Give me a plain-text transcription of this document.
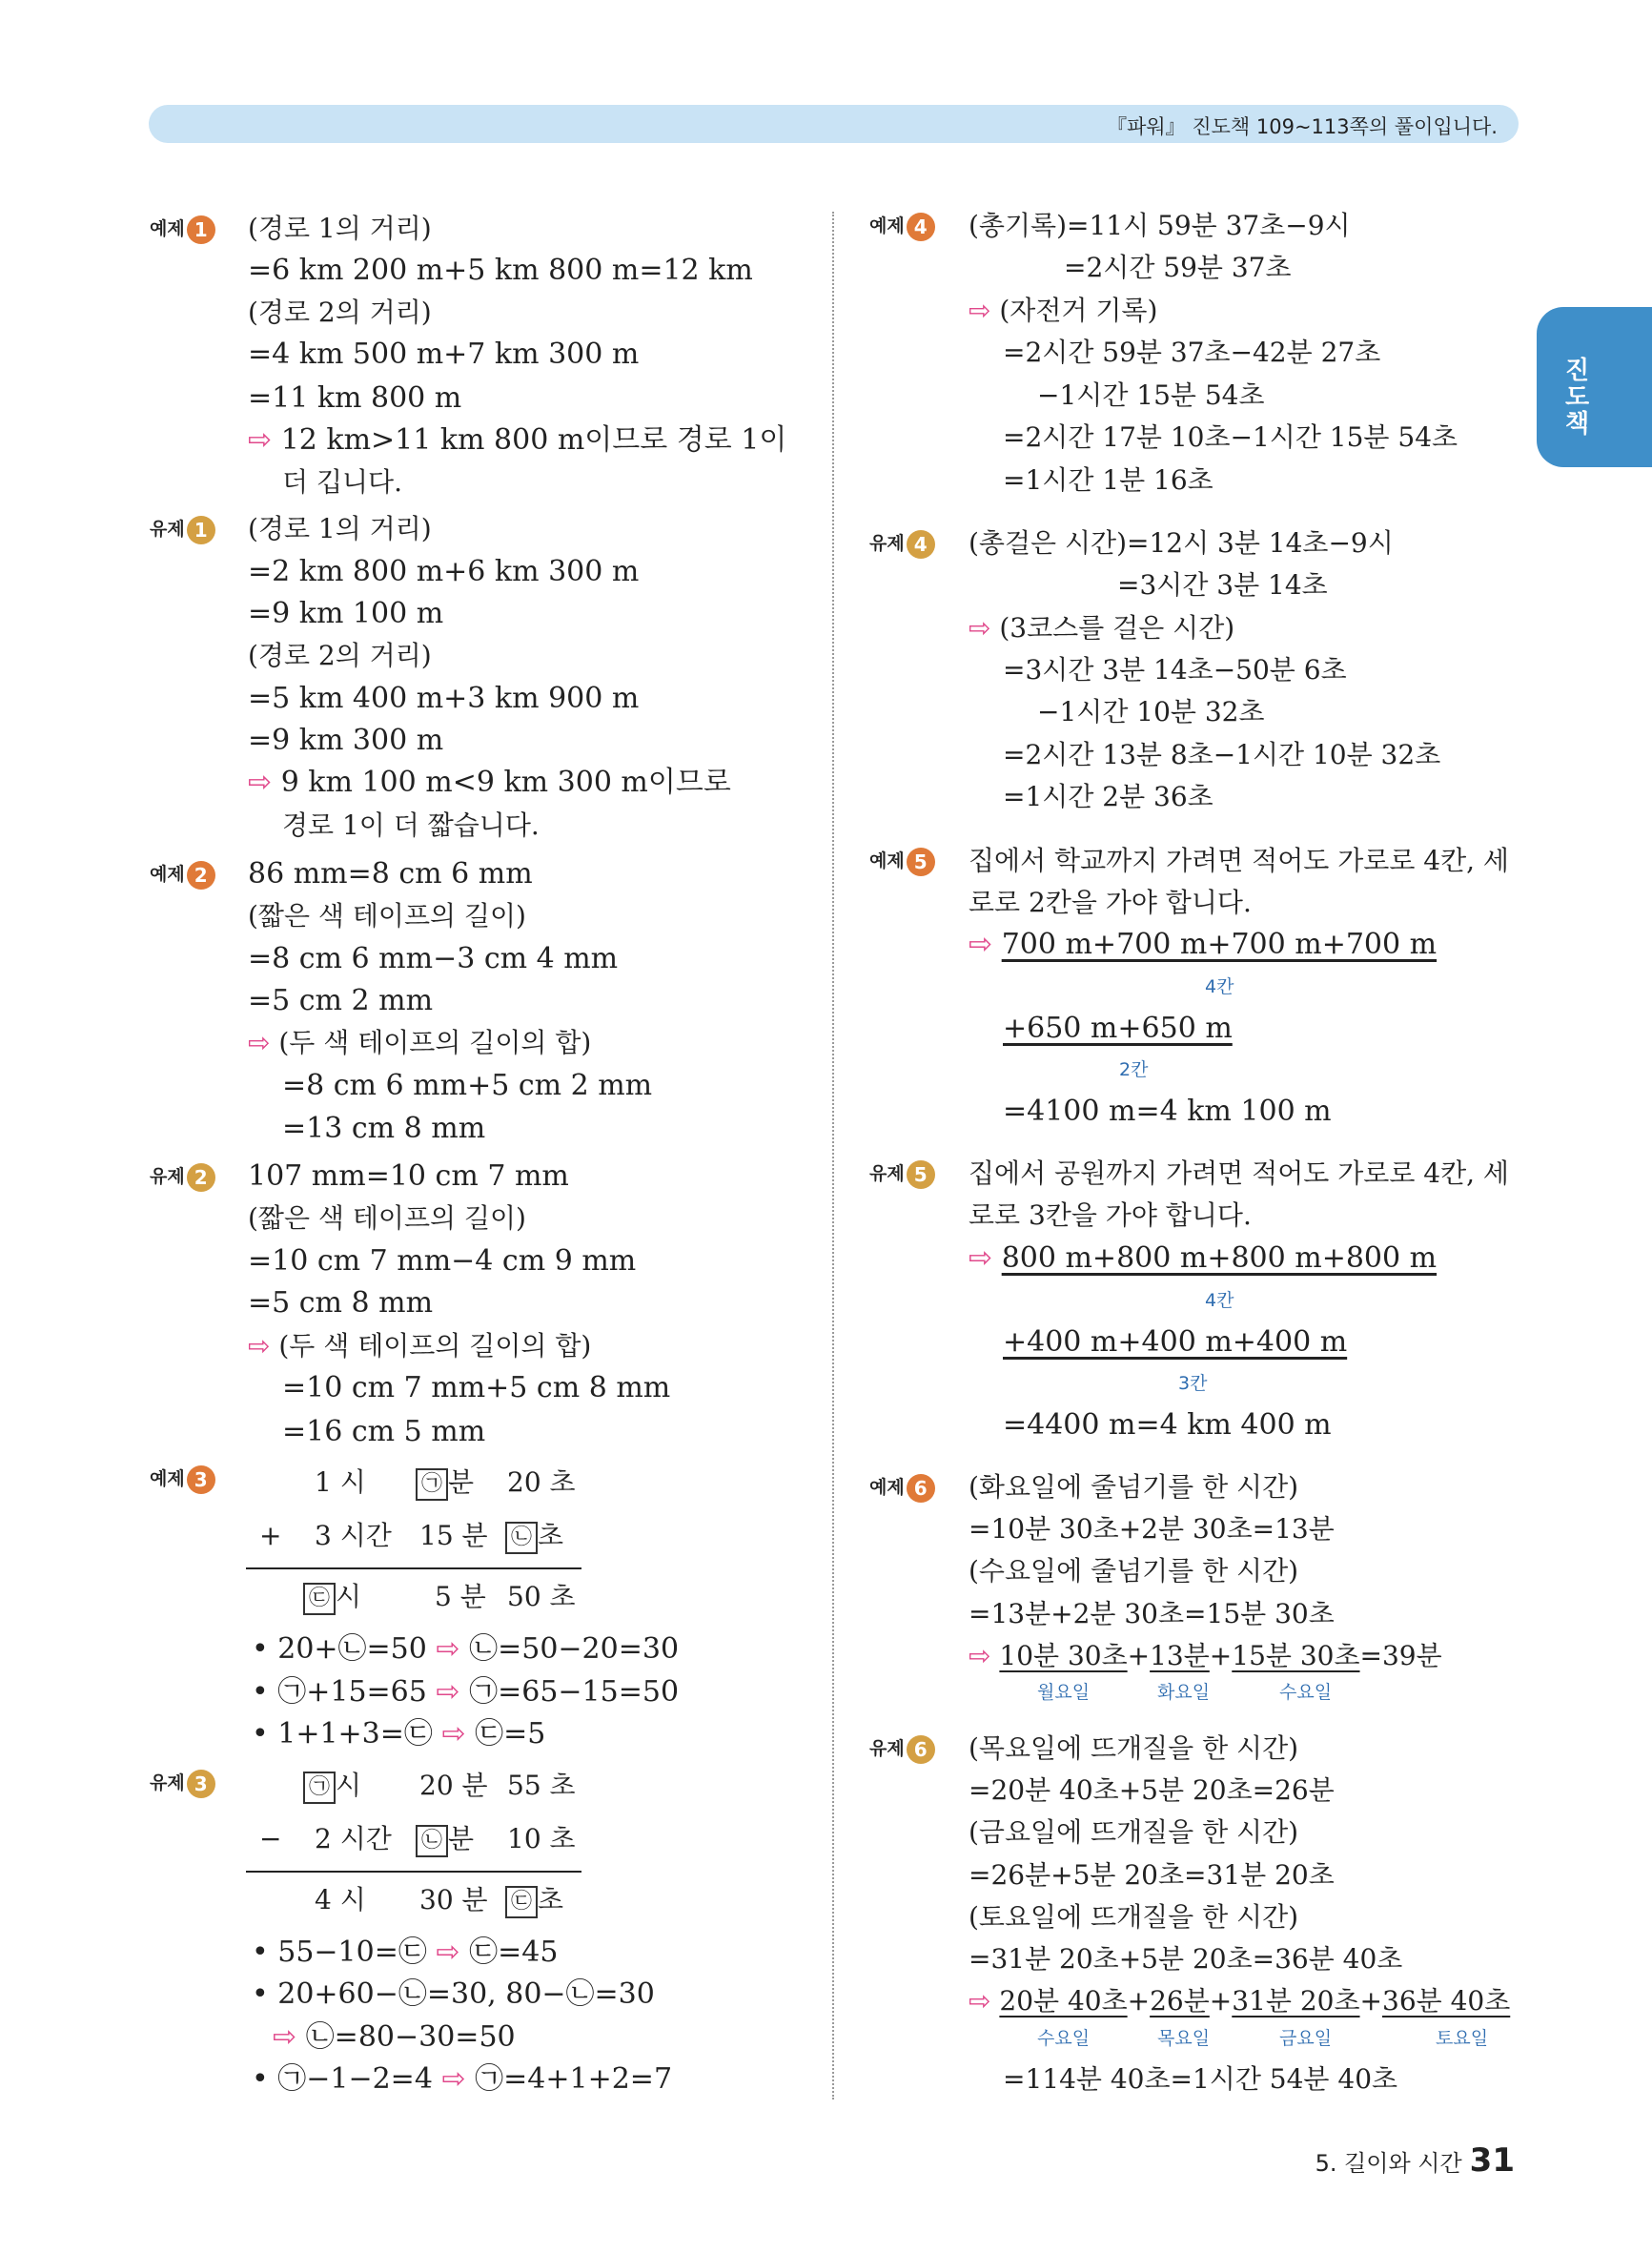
『파워』 진도책 109~113쪽의 풀이입니다.
진도책
예제 1 (경로 1의 거리)
=6 km 200 m+5 km 800 m=12 km
(경로 2의 거리)
=4 km 500 m+7 km 300 m
=11 km 800 m
⇨ 12 km>11 km 800 m이므로 경로 1이
더 깁니다.
유제 1 (경로 1의 거리)
=2 km 800 m+6 km 300 m
=9 km 100 m
(경로 2의 거리)
=5 km 400 m+3 km 900 m
=9 km 300 m
⇨ 9 km 100 m<9 km 300 m이므로
경로 1이 더 짧습니다.
예제 2 86 mm=8 cm 6 mm
(짧은 색 테이프의 길이)
=8 cm 6 mm−3 cm 4 mm
=5 cm 2 mm
⇨ (두 색 테이프의 길이의 합)
=8 cm 6 mm+5 cm 2 mm
=13 cm 8 mm
유제 2 107 mm=10 cm 7 mm
(짧은 색 테이프의 길이)
=10 cm 7 mm−4 cm 9 mm
=5 cm 8 mm
⇨ (두 색 테이프의 길이의 합)
=10 cm 7 mm+5 cm 8 mm
=16 cm 5 mm
예제 3	1 시	㉠ 분 20 초
+ 3 시간 15 분 ㉡ 초
㉢ 시	5 분 50 초
• 20+㉡=50 ⇨ ㉡=50−20=30
• ㉠+15=65 ⇨ ㉠=65−15=50
• 1+1+3=㉢ ⇨ ㉢=5
유제 3	㉠ 시 20 분 55 초
− 2 시간 ㉡ 분 10 초
4 시 30 분 ㉢ 초
• 55−10=㉢ ⇨ ㉢=45
• 20+60−㉡=30, 80−㉡=30
⇨ ㉡=80−30=50
• ㉠−1−2=4 ⇨ ㉠=4+1+2=7
예제 4 (총기록)=11시 59분 37초−9시
=2시간 59분 37초
⇨ (자전거 기록)
=2시간 59분 37초−42분 27초
−1시간 15분 54초
=2시간 17분 10초−1시간 15분 54초
=1시간 1분 16초
유제 4 (총걸은 시간)=12시 3분 14초−9시
=3시간 3분 14초
⇨ (3코스를 걸은 시간)
=3시간 3분 14초−50분 6초
−1시간 10분 32초
=2시간 13분 8초−1시간 10분 32초
=1시간 2분 36초
예제 5 집에서 학교까지 가려면 적어도 가로로 4칸, 세
로로 2칸을 가야 합니다.
⇨ 700 m+700 m+700 m+700 m
4칸
+650 m+650 m
2칸
=4100 m=4 km 100 m
유제 5 집에서 공원까지 가려면 적어도 가로로 4칸, 세
로로 3칸을 가야 합니다.
⇨ 800 m+800 m+800 m+800 m
4칸
+400 m+400 m+400 m
3칸
=4400 m=4 km 400 m
예제 6 (화요일에 줄넘기를 한 시간)
=10분 30초+2분 30초=13분
(수요일에 줄넘기를 한 시간)
=13분+2분 30초=15분 30초
⇨ 10분 30초+13분+15분 30초=39분
월요일	화요일	수요일
유제 6 (목요일에 뜨개질을 한 시간)
=20분 40초+5분 20초=26분
(금요일에 뜨개질을 한 시간)
=26분+5분 20초=31분 20초
(토요일에 뜨개질을 한 시간)
=31분 20초+5분 20초=36분 40초
⇨ 20분 40초+26분+31분 20초+36분 40초
수요일	목요일	금요일	토요일
=114분 40초=1시간 54분 40초
5. 길이와 시간 31
